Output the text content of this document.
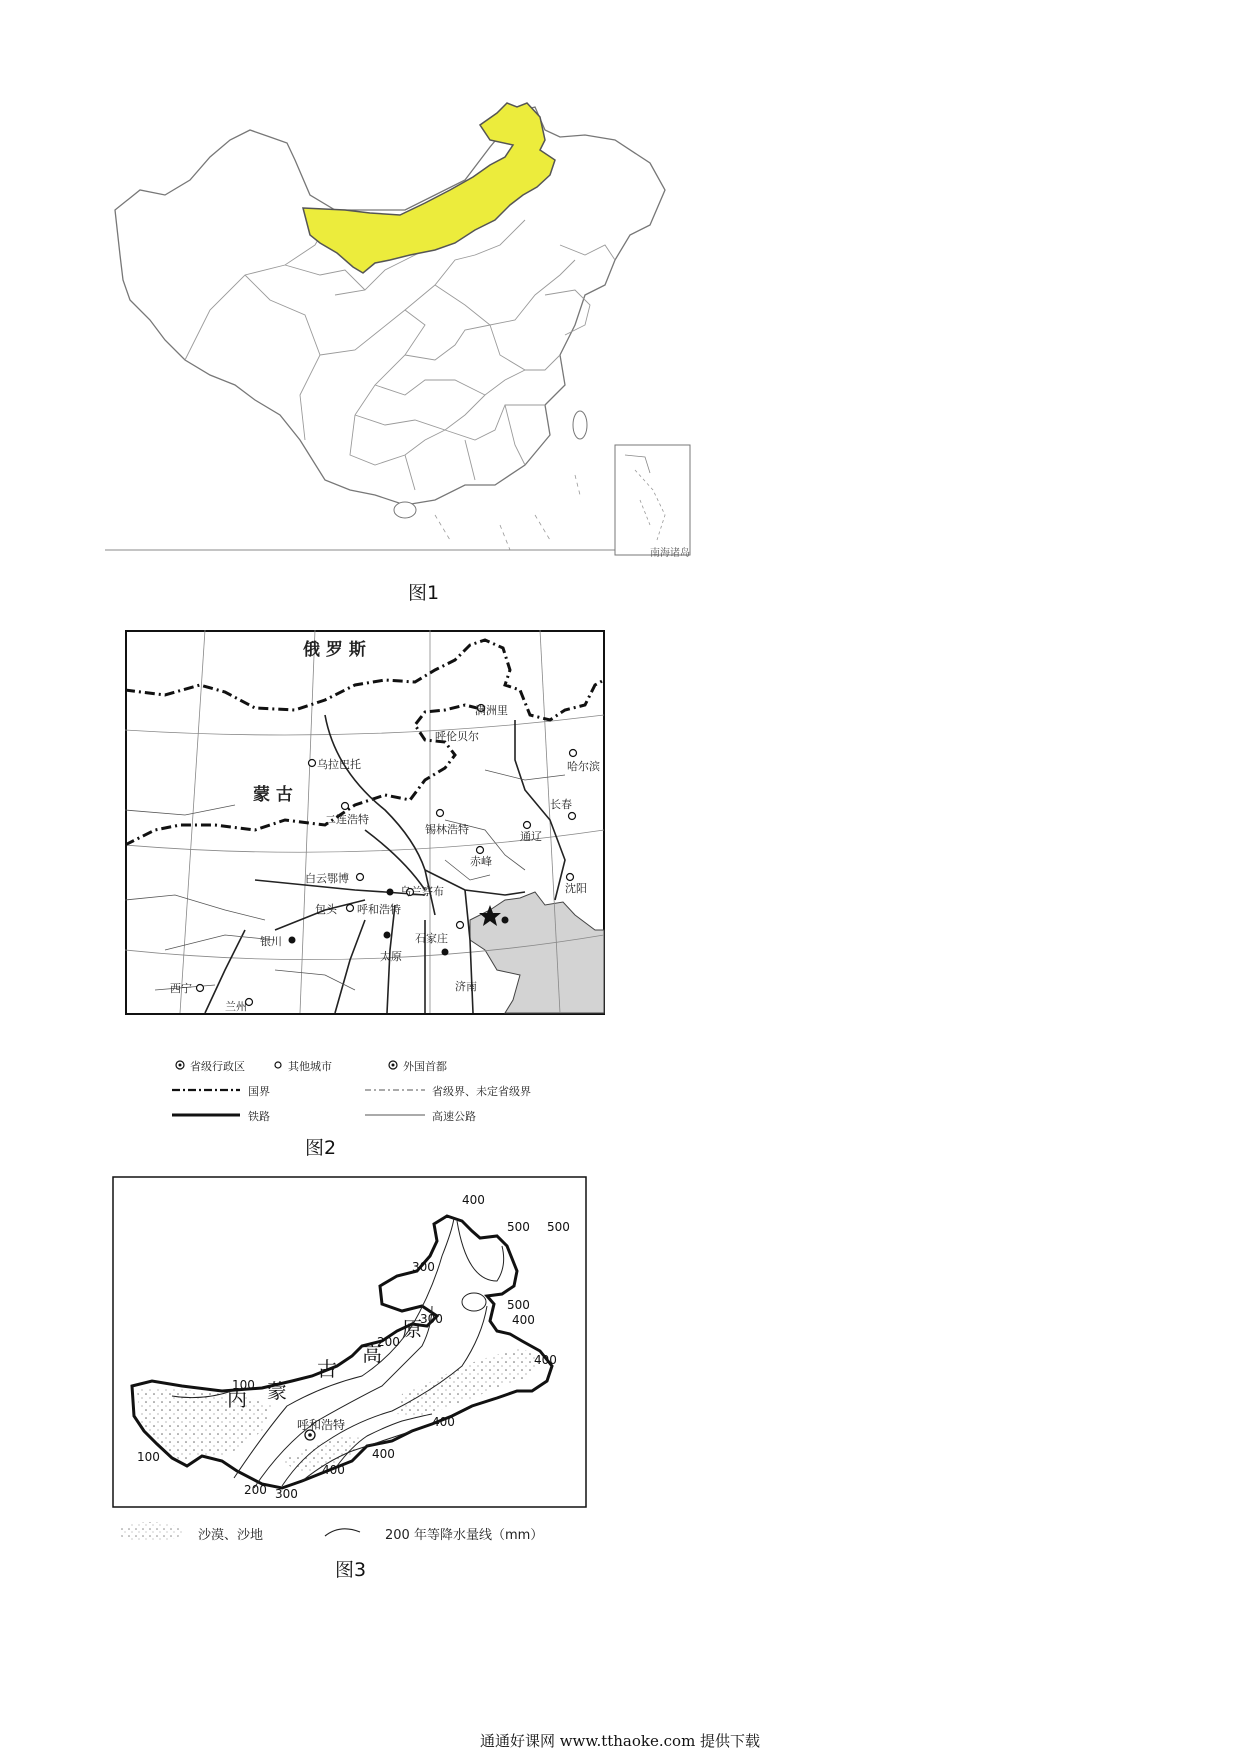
南海诸岛
图1
俄 罗 斯
蒙 古
满洲里
呼伦贝尔
乌拉巴托	哈尔滨
长春
通辽
锡林浩特
二连浩特
赤峰
白云鄂博
乌兰察布	沈阳
包头 呼和浩特
银川	石家庄
太原
西宁	济南
兰州
省级行政区	其他城市	外国首都
国界	省级界、未定省级界
铁路	高速公路
图2
内 蒙
古
高
原
呼和浩特
400
500 500
300
300
500
400
200
400
100
400
100	400
400
200 300
沙漠、沙地	200 年等降水量线（mm）
图3
通通好课网 www.tthaoke.com 提供下载
